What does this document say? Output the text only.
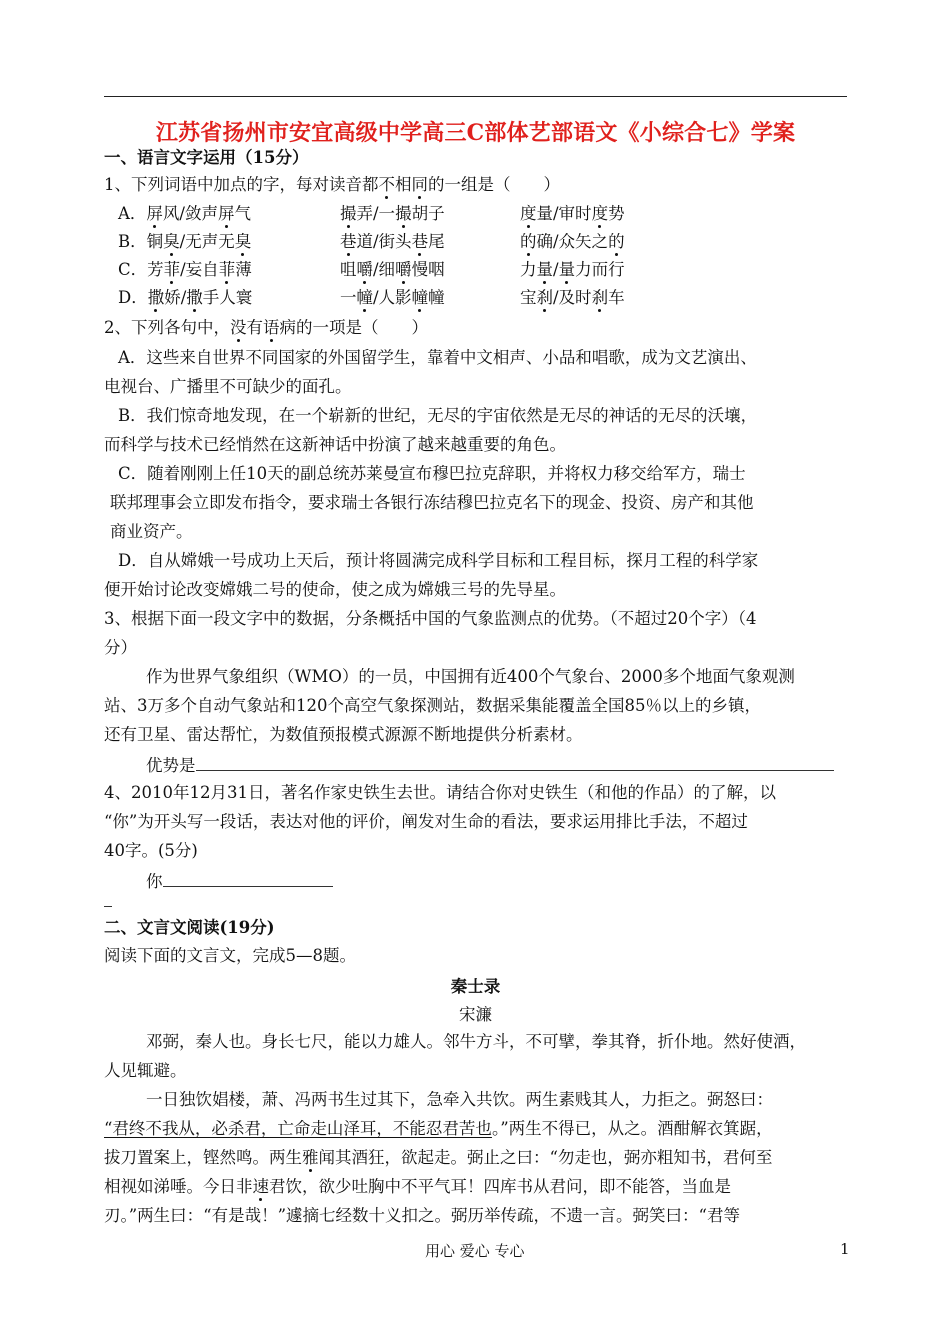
江苏省扬州市安宜高级中学高三C部体艺部语文《小综合七》学案
一、语言文字运用（15分）
1、下列词语中加点的字，每对读音都不相同的一组是（　　）
A．屏风/敛声屏气	撮弄/一撮胡子	度量/审时度势
B．铜臭/无声无臭	巷道/街头巷尾	的确/众矢之的
C．芳菲/妄自菲薄	咀嚼/细嚼慢咽	力量/量力而行
D．撒娇/撒手人寰	一幢/人影幢幢	宝刹/及时刹车
2、下列各句中，没有语病的一项是（　　）
A．这些来自世界不同国家的外国留学生，靠着中文相声、小品和唱歌，成为文艺演出、
电视台、广播里不可缺少的面孔。
B．我们惊奇地发现，在一个崭新的世纪，无尽的宇宙依然是无尽的神话的无尽的沃壤，
而科学与技术已经悄然在这新神话中扮演了越来越重要的角色。
C．随着刚刚上任10天的副总统苏莱曼宣布穆巴拉克辞职，并将权力移交给军方，瑞士
联邦理事会立即发布指令，要求瑞士各银行冻结穆巴拉克名下的现金、投资、房产和其他
商业资产。
D．自从嫦娥一号成功上天后，预计将圆满完成科学目标和工程目标，探月工程的科学家
便开始讨论改变嫦娥二号的使命，使之成为嫦娥三号的先导星。
3、根据下面一段文字中的数据，分条概括中国的气象监测点的优势。（不超过20个字）（4
分）
作为世界气象组织（WMO）的一员，中国拥有近400个气象台、2000多个地面气象观测
站、3万多个自动气象站和120个高空气象探测站，数据采集能覆盖全国85％以上的乡镇，
还有卫星、雷达帮忙，为数值预报模式源源不断地提供分析素材。
优势是
4、2010年12月31日，著名作家史铁生去世。请结合你对史铁生（和他的作品）的了解，以
“你”为开头写一段话，表达对他的评价，阐发对生命的看法，要求运用排比手法，不超过
40字。(5分)
你
二、文言文阅读(19分)
阅读下面的文言文，完成5—8题。
秦士录
宋濂
邓弼，秦人也。身长七尺，能以力雄人。邻牛方斗，不可擘，拳其脊，折仆地。然好使酒，
人见辄避。
一日独饮娼楼，萧、冯两书生过其下，急牵入共饮。两生素贱其人，力拒之。弼怒曰：
“君终不我从，必杀君，亡命走山泽耳，不能忍君苦也。”两生不得已，从之。酒酣解衣箕踞，
拔刀置案上，铿然鸣。两生雅闻其酒狂，欲起走。弼止之曰：“勿走也，弼亦粗知书，君何至
相视如涕唾。今日非速君饮，欲少吐胸中不平气耳！四库书从君问，即不能答，当血是
刃。”两生曰：“有是哉！”遽摘七经数十义扣之。弼历举传疏，不遗一言。弼笑曰：“君等
用心 爱心 专心	1
